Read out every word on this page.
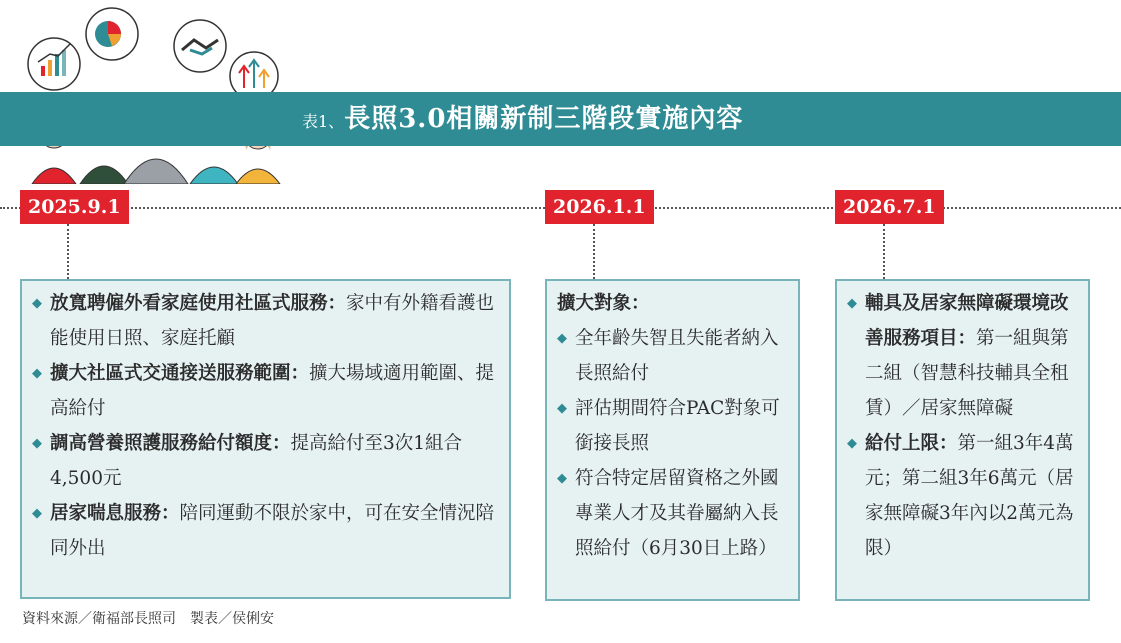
表1、長照3.0相關新制三階段實施內容
2025.9.1	2026.1.1	2026.7.1
◆ 放寬聘僱外看家庭使用社區式服務：家中有外籍看護也能使用日照、家庭托顧
◆ 擴大社區式交通接送服務範圍：擴大場域適用範圍、提高給付
◆ 調高營養照護服務給付額度：提高給付至3次1組合4,500元
◆ 居家喘息服務：陪同運動不限於家中，可在安全情況陪同外出
擴大對象：
◆ 全年齡失智且失能者納入長照給付
◆ 評估期間符合PAC對象可銜接長照
◆ 符合特定居留資格之外國專業人才及其眷屬納入長照給付（6月30日上路）
◆ 輔具及居家無障礙環境改善服務項目：第一組與第二組（智慧科技輔具全租賃）／居家無障礙
◆ 給付上限：第一組3年4萬元；第二組3年6萬元（居家無障礙3年內以2萬元為限）
資料來源／衛福部長照司　製表／侯俐安
